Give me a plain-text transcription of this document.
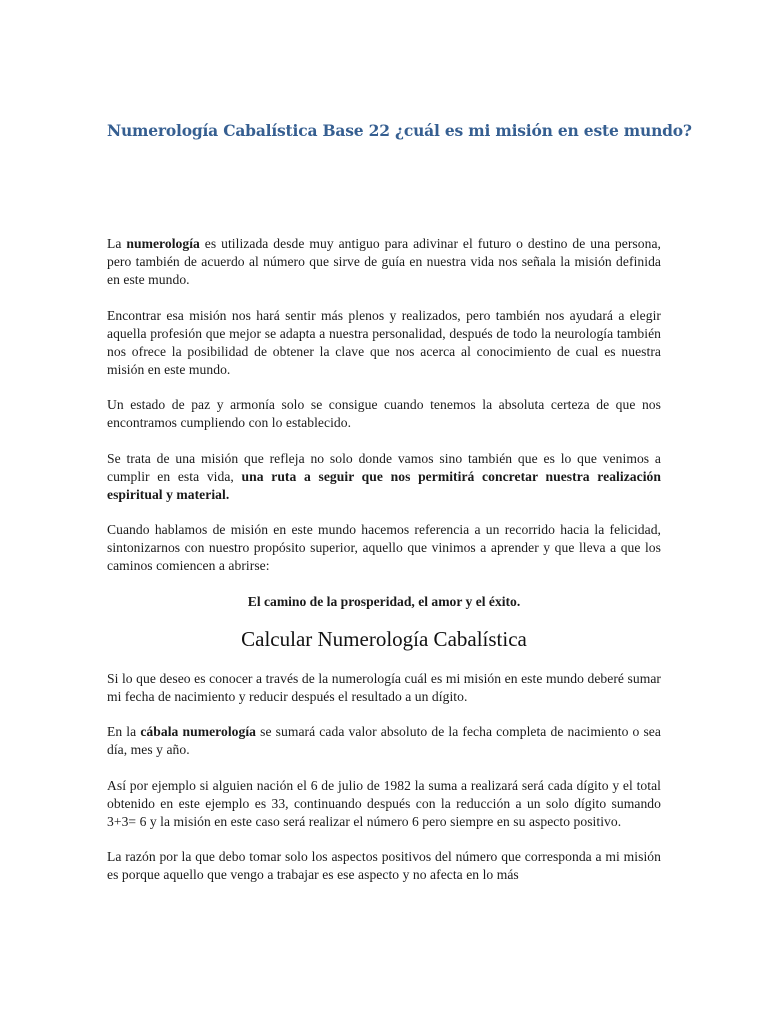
Numerología Cabalística Base 22 ¿cuál es mi misión en este mundo?

La numerología es utilizada desde muy antiguo para adivinar el futuro o destino de una persona, pero también de acuerdo al número que sirve de guía en nuestra vida nos señala la misión definida en este mundo.

Encontrar esa misión nos hará sentir más plenos y realizados, pero también nos ayudará a elegir aquella profesión que mejor se adapta a nuestra personalidad, después de todo la neurología también nos ofrece la posibilidad de obtener la clave que nos acerca al conocimiento de cual es nuestra misión en este mundo.

Un estado de paz y armonía solo se consigue cuando tenemos la absoluta certeza de que nos encontramos cumpliendo con lo establecido.

Se trata de una misión que refleja no solo donde vamos sino también que es lo que venimos a cumplir en esta vida, una ruta a seguir que nos permitirá concretar nuestra realización espiritual y material.

Cuando hablamos de misión en este mundo hacemos referencia a un recorrido hacia la felicidad, sintonizarnos con nuestro propósito superior, aquello que vinimos a aprender y que lleva a que los caminos comiencen a abrirse:

El camino de la prosperidad, el amor y el éxito.

Calcular Numerología Cabalística

Si lo que deseo es conocer a través de la numerología cuál es mi misión en este mundo deberé sumar mi fecha de nacimiento y reducir después el resultado a un dígito.

En la cábala numerología se sumará cada valor absoluto de la fecha completa de nacimiento o sea día, mes y año.

Así por ejemplo si alguien nación el 6 de julio de 1982 la suma a realizará será cada dígito y el total obtenido en este ejemplo es 33, continuando después con la reducción a un solo dígito sumando 3+3= 6 y la misión en este caso será realizar el número 6 pero siempre en su aspecto positivo.

La razón por la que debo tomar solo los aspectos positivos del número que corresponda a mi misión es porque aquello que vengo a trabajar es ese aspecto y no afecta en lo más
